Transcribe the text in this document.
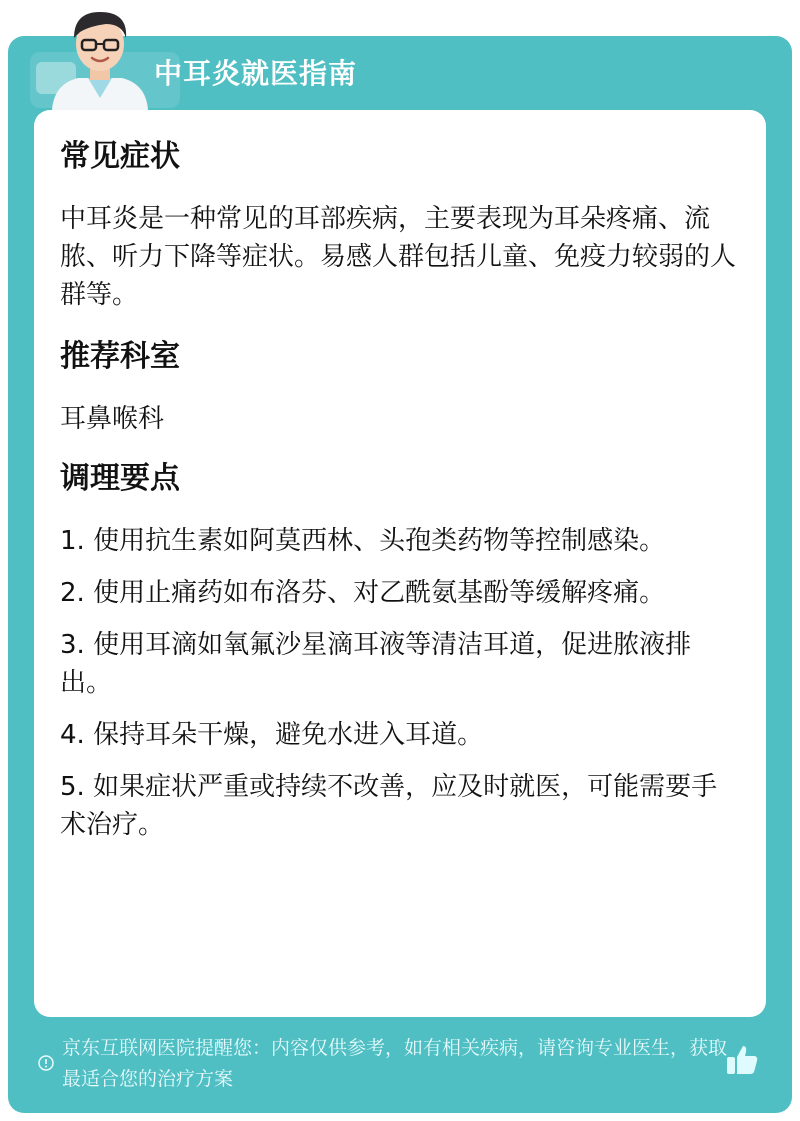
中耳炎就医指南
常见症状

中耳炎是一种常见的耳部疾病，主要表现为耳朵疼痛、流脓、听力下降等症状。易感人群包括儿童、免疫力较弱的人群等。

推荐科室

耳鼻喉科

调理要点
1. 使用抗生素如阿莫西林、头孢类药物等控制感染。
2. 使用止痛药如布洛芬、对乙酰氨基酚等缓解疼痛。
3. 使用耳滴如氧氟沙星滴耳液等清洁耳道，促进脓液排出。
4. 保持耳朵干燥，避免水进入耳道。
5. 如果症状严重或持续不改善，应及时就医，可能需要手术治疗。
京东互联网医院提醒您：内容仅供参考，如有相关疾病，请咨询专业医生，获取最适合您的治疗方案
